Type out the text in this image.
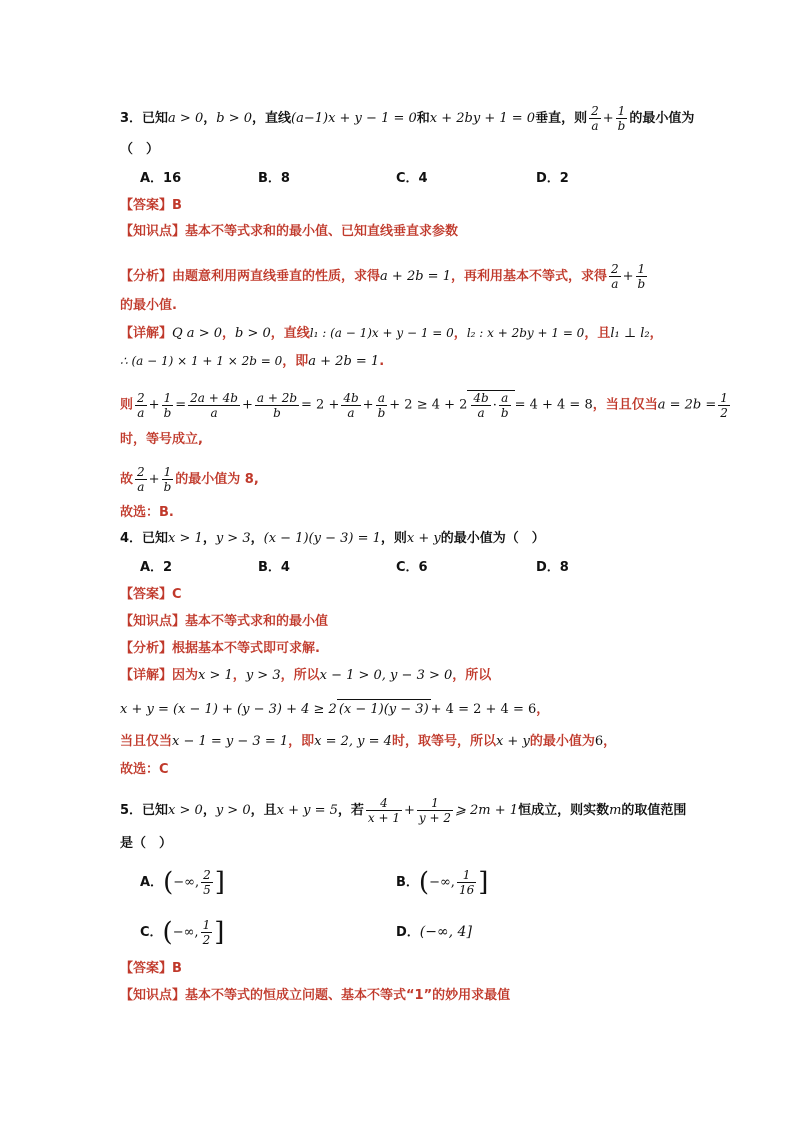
3．已知a > 0，b > 0，直线(a−1)x + y − 1 = 0和x + 2by + 1 = 0垂直，则 $\frac{2}{a} + \frac{1}{b}$ 的最小值为
（　）
A．16	B．8	C．4	D．2
【答案】B
【知识点】基本不等式求和的最小值、已知直线垂直求参数
【分析】由题意利用两直线垂直的性质，求得a + 2b = 1，再利用基本不等式，求得 $\frac{2}{a} + \frac{1}{b}$
的最小值.
【详解】Q a > 0，b > 0，直线l₁ : (a − 1)x + y − 1 = 0，l₂ : x + 2by + 1 = 0，且l₁ ⊥ l₂，
∴ (a − 1) × 1 + 1 × 2b = 0，即a + 2b = 1.
则 $\frac{2}{a} + \frac{1}{b} = \frac{2a + 4b}{a} + \frac{a + 2b}{b} = 2 + \frac{4b}{a} + \frac{a}{b} + 2 \ge 4 + 2 \frac{4b}{a} \cdot \frac{a}{b} = 4 + 4 = 8$，当且仅当$a = 2b = \frac{1}{2}$
时，等号成立,
故 $\frac{2}{a} + \frac{1}{b}$ 的最小值为 8,
故选：B.
4．已知x > 1，y > 3，(x − 1)(y − 3) = 1，则x + y的最小值为（　）
A．2	B．4	C．6	D．8
【答案】C
【知识点】基本不等式求和的最小值
【分析】根据基本不等式即可求解.
【详解】因为x > 1，y > 3，所以x − 1 > 0, y − 3 > 0，所以
x + y = (x − 1) + (y − 3) + 4 ≥ 2 (x − 1)(y − 3) + 4 = 2 + 4 = 6，
当且仅当x − 1 = y − 3 = 1，即x = 2, y = 4时，取等号，所以x + y的最小值为6，
故选：C
5．已知x > 0，y > 0，且x + y = 5，若 $\frac{4}{x + 1} + \frac{1}{y + 2}$ ⩾ 2m + 1恒成立，则实数m的取值范围
是（　）
A．(−∞, $\frac{2}{5}$ ]	B．(−∞, $\frac{1}{16}$ ]
C．(−∞, $\frac{1}{2}$ ]	D．(−∞, 4]
【答案】B
【知识点】基本不等式的恒成立问题、基本不等式“1”的妙用求最值
